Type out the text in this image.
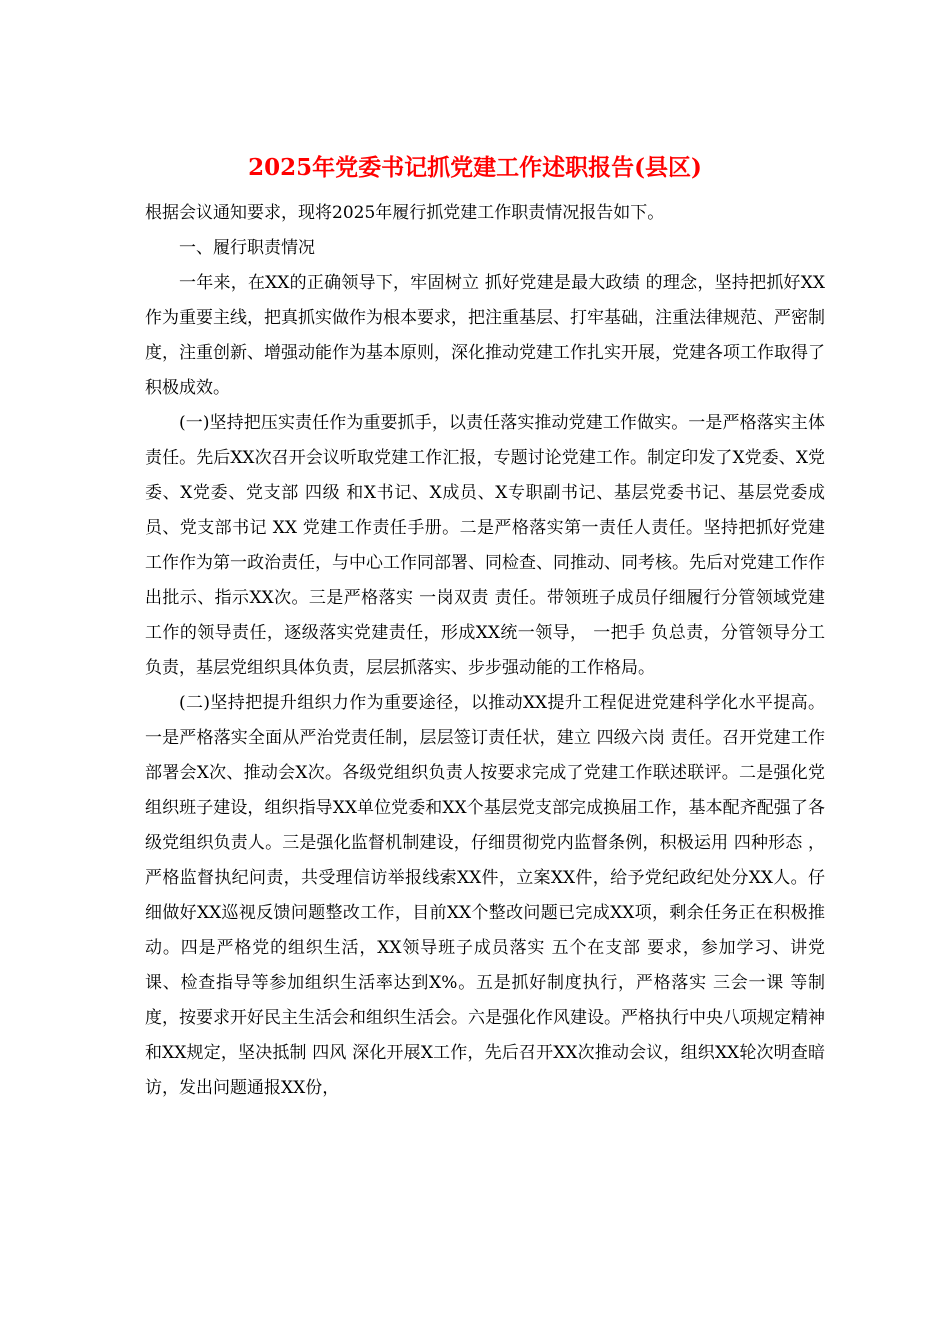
2025年党委书记抓党建工作述职报告(县区)

根据会议通知要求，现将2025年履行抓党建工作职责情况报告如下。

一、履行职责情况

一年来，在XX的正确领导下，牢固树立 抓好党建是最大政绩 的理念，坚持把抓好XX作为重要主线，把真抓实做作为根本要求，把注重基层、打牢基础，注重法律规范、严密制度，注重创新、增强动能作为基本原则，深化推动党建工作扎实开展，党建各项工作取得了积极成效。

(一)坚持把压实责任作为重要抓手，以责任落实推动党建工作做实。一是严格落实主体责任。先后XX次召开会议听取党建工作汇报，专题讨论党建工作。制定印发了X党委、X党委、X党委、党支部 四级 和X书记、X成员、X专职副书记、基层党委书记、基层党委成员、党支部书记 XX 党建工作责任手册。二是严格落实第一责任人责任。坚持把抓好党建工作作为第一政治责任，与中心工作同部署、同检查、同推动、同考核。先后对党建工作作出批示、指示XX次。三是严格落实 一岗双责 责任。带领班子成员仔细履行分管领域党建工作的领导责任，逐级落实党建责任，形成XX统一领导， 一把手 负总责，分管领导分工负责，基层党组织具体负责，层层抓落实、步步强动能的工作格局。

(二)坚持把提升组织力作为重要途径，以推动XX提升工程促进党建科学化水平提高。一是严格落实全面从严治党责任制，层层签订责任状，建立 四级六岗 责任。召开党建工作部署会X次、推动会X次。各级党组织负责人按要求完成了党建工作联述联评。二是强化党组织班子建设，组织指导XX单位党委和XX个基层党支部完成换届工作，基本配齐配强了各级党组织负责人。三是强化监督机制建设，仔细贯彻党内监督条例，积极运用 四种形态 ，严格监督执纪问责，共受理信访举报线索XX件，立案XX件，给予党纪政纪处分XX人。仔细做好XX巡视反馈问题整改工作，目前XX个整改问题已完成XX项，剩余任务正在积极推动。四是严格党的组织生活，XX领导班子成员落实 五个在支部 要求，参加学习、讲党课、检查指导等参加组织生活率达到X%。五是抓好制度执行，严格落实 三会一课 等制度，按要求开好民主生活会和组织生活会。六是强化作风建设。严格执行中央八项规定精神和XX规定，坚决抵制 四风 深化开展X工作，先后召开XX次推动会议，组织XX轮次明查暗访，发出问题通报XX份，
